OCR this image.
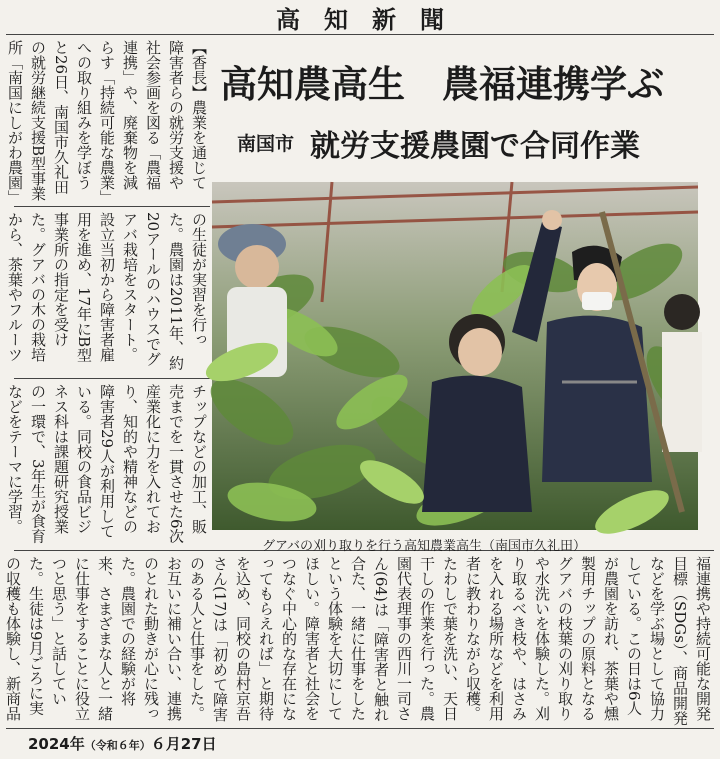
高知新聞
【香長】農業を通じて障害者らの就労支援や社会参画を図る「農福連携」や、廃棄物を減らす「持続可能な農業」への取り組みを学ぼうと26日、南国市久礼田の就労継続支援B型事業所「南国にしがわ農園」
の生徒が実習を行った。農園は2011年、約20アールのハウスでグアバ栽培をスタート。設立当初から障害者雇用を進め、17年にB型事業所の指定を受けた。グアバの木の栽培から、茶葉やフルーツ
チップなどの加工、販売までを一貫させた6次産業化に力を入れており、知的や精神などの障害者29人が利用している。同校の食品ビジネス科は課題研究授業の一環で、3年生が食育などをテーマに学習。
高知農高生　農福連携学ぶ
南国市 就労支援農園で合同作業
グアバの刈り取りを行う高知農業高生（南国市久礼田）
福連携や持続可能な開発目標（SDGs）、商品開発などを学ぶ場として協力している。この日は6人が農園を訪れ、茶葉や燻製用チップの原料となるグアバの枝葉の刈り取りや水洗いを体験した。刈り取るべき枝や、はさみを入れる場所などを利用者に教わりながら収穫。たわしで葉を洗い、天日干しの作業を行った。農園代表理事の西川一司さん(64)は「障害者と触れ合た、一緒に仕事をしたという体験を大切にしてほしい。障害者と社会をつなぐ中心的な存在になってもらえれば」と期待を込め、同校の島村京吾さん(17)は「初めて障害のある人と仕事をした。お互いに補い合い、連携のとれた動きが心に残った。農園での経験が将来、さまざまな人と一緒に仕事をすることに役立つと思う」と話していた。生徒は9月ごろに実の収穫も体験し、新商品
2024年（令和６年）６月27日
